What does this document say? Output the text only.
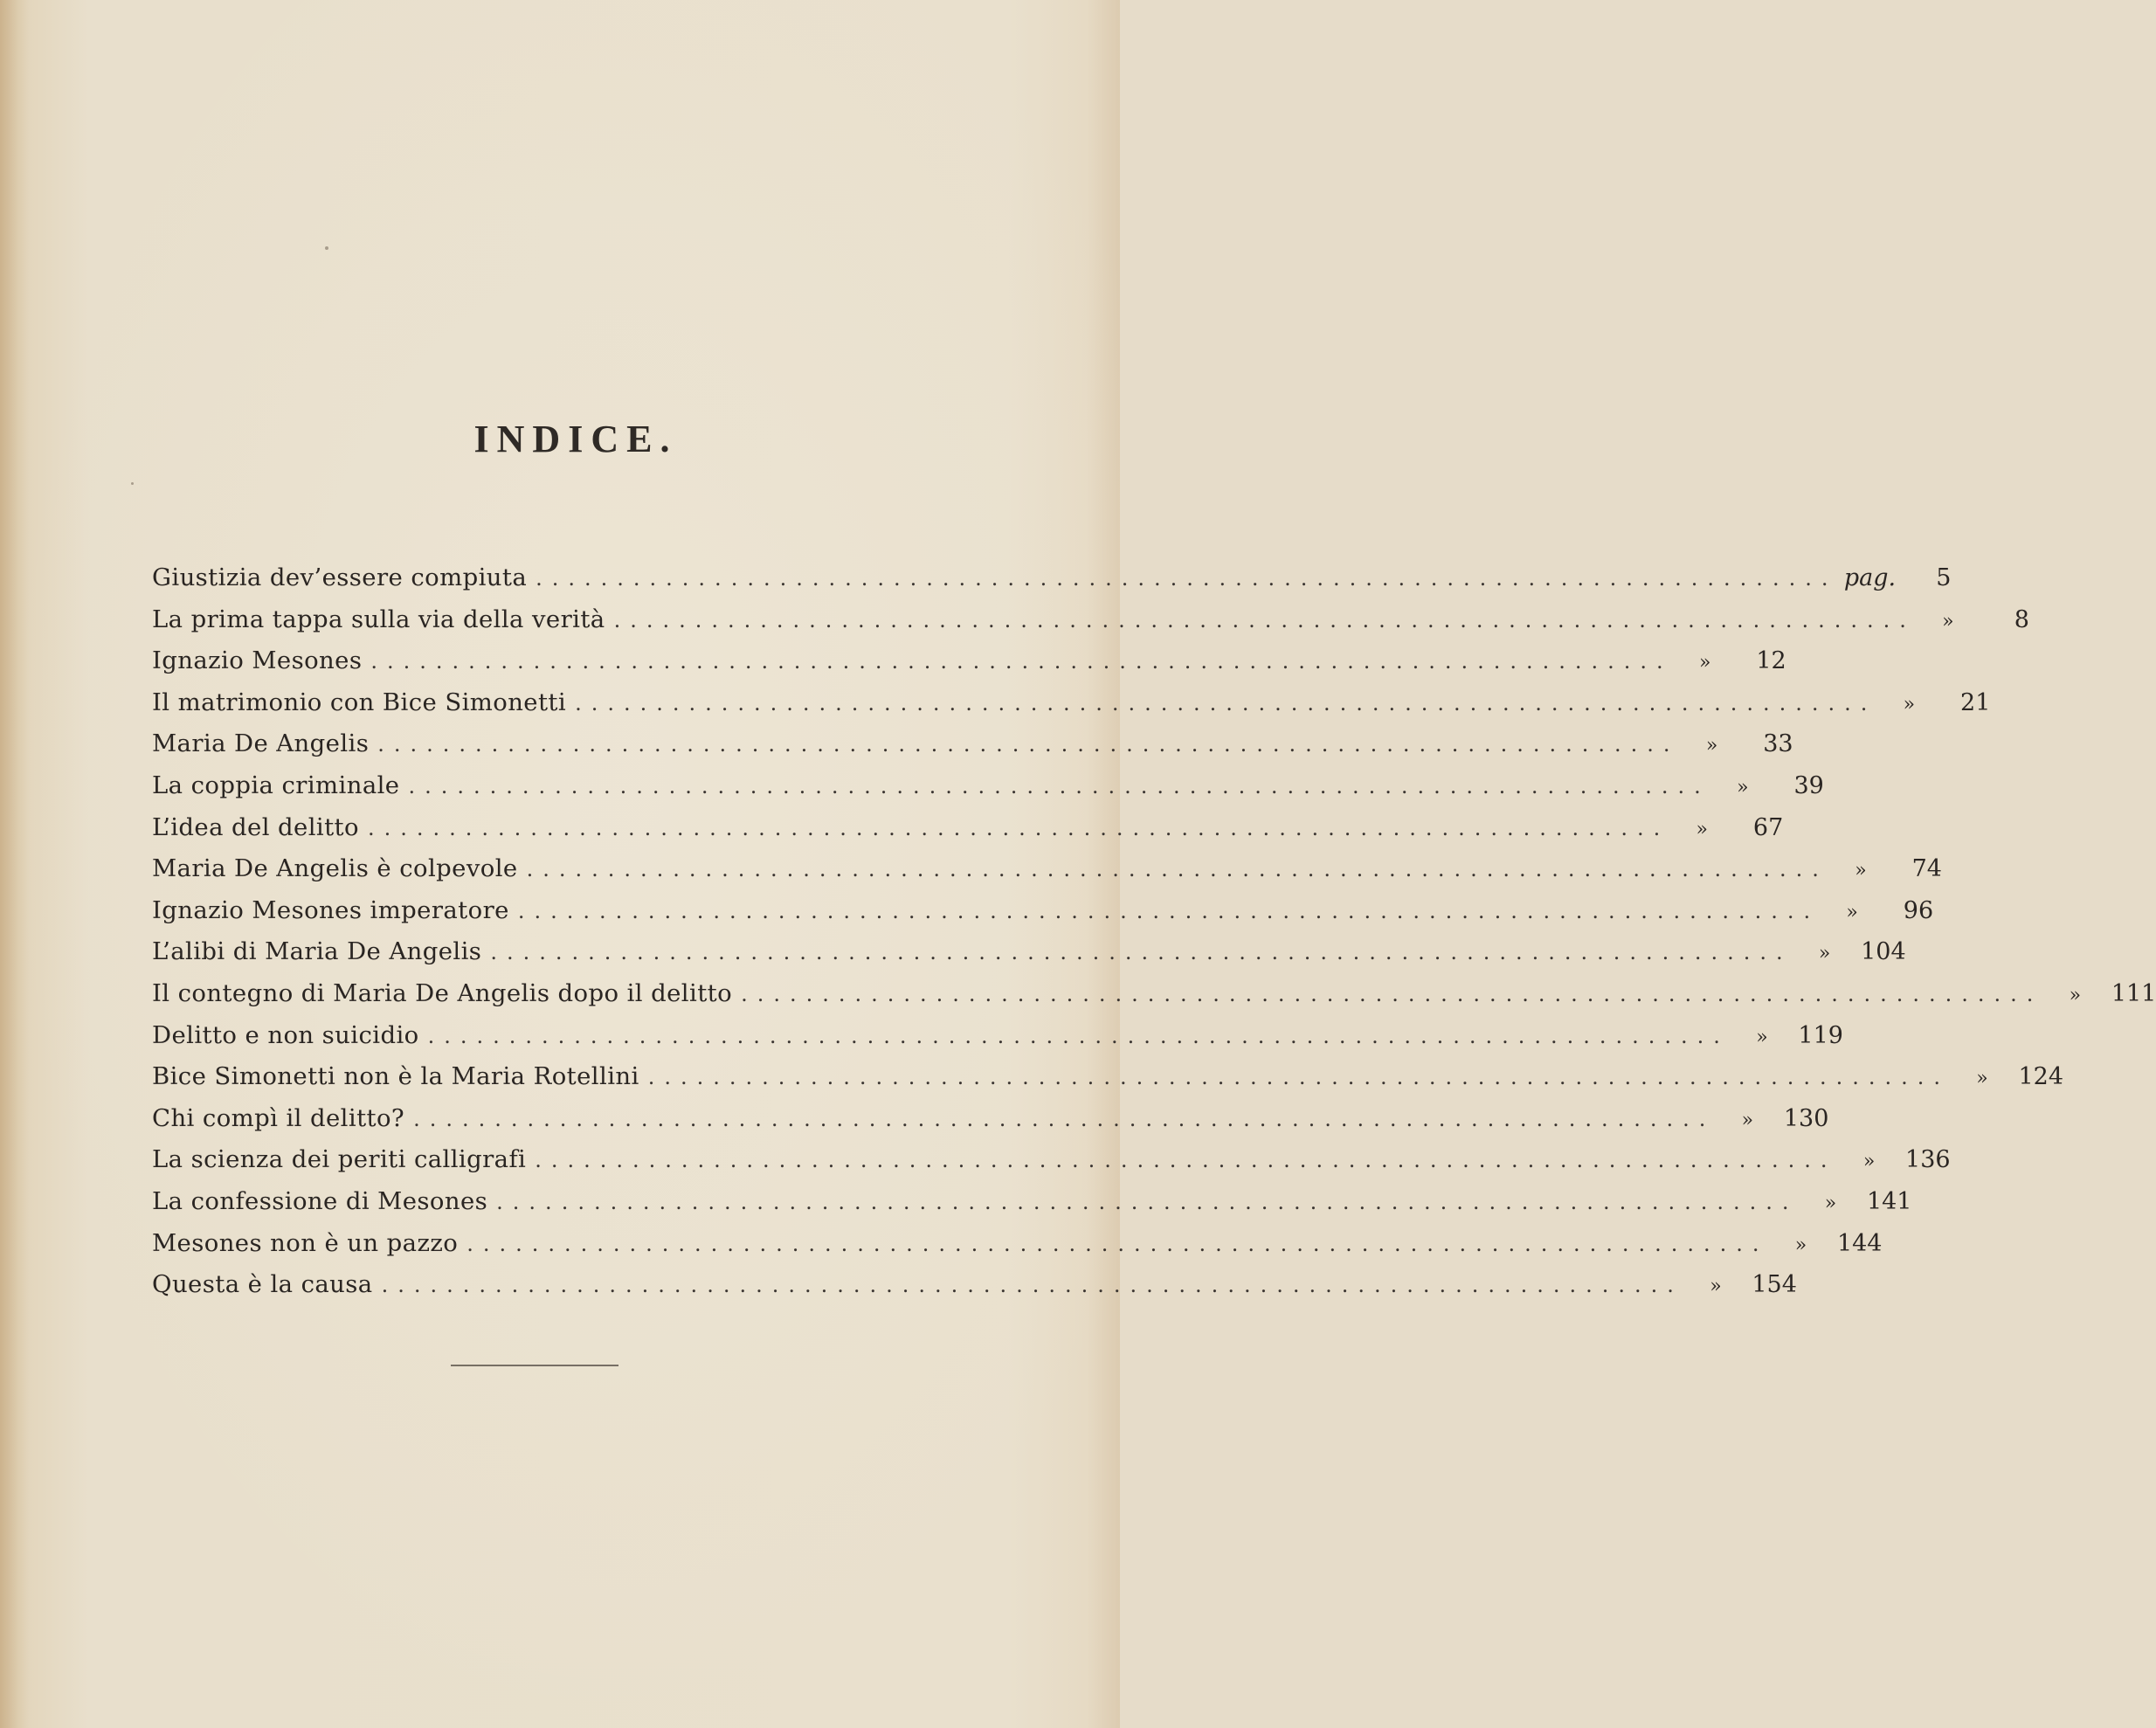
INDICE.
Giustizia dev’essere compiuta ................................................................................ pag.	5
La prima tappa sulla via della verità ................................................................................	»	8
Ignazio Mesones ................................................................................	»	12
Il matrimonio con Bice Simonetti ................................................................................	»	21
Maria De Angelis ................................................................................	»	33
La coppia criminale ................................................................................	»	39
L’idea del delitto ................................................................................	»	67
Maria De Angelis è colpevole ................................................................................	»	74
Ignazio Mesones imperatore ................................................................................	»	96
L’alibi di Maria De Angelis ................................................................................	»	104
Il contegno di Maria De Angelis dopo il delitto ................................................................................	»	111
Delitto e non suicidio ................................................................................	»	119
Bice Simonetti non è la Maria Rotellini ................................................................................	»	124
Chi compì il delitto? ................................................................................	»	130
La scienza dei periti calligrafi ................................................................................	»	136
La confessione di Mesones ................................................................................	»	141
Mesones non è un pazzo ................................................................................	»	144
Questa è la causa ................................................................................	»	154
